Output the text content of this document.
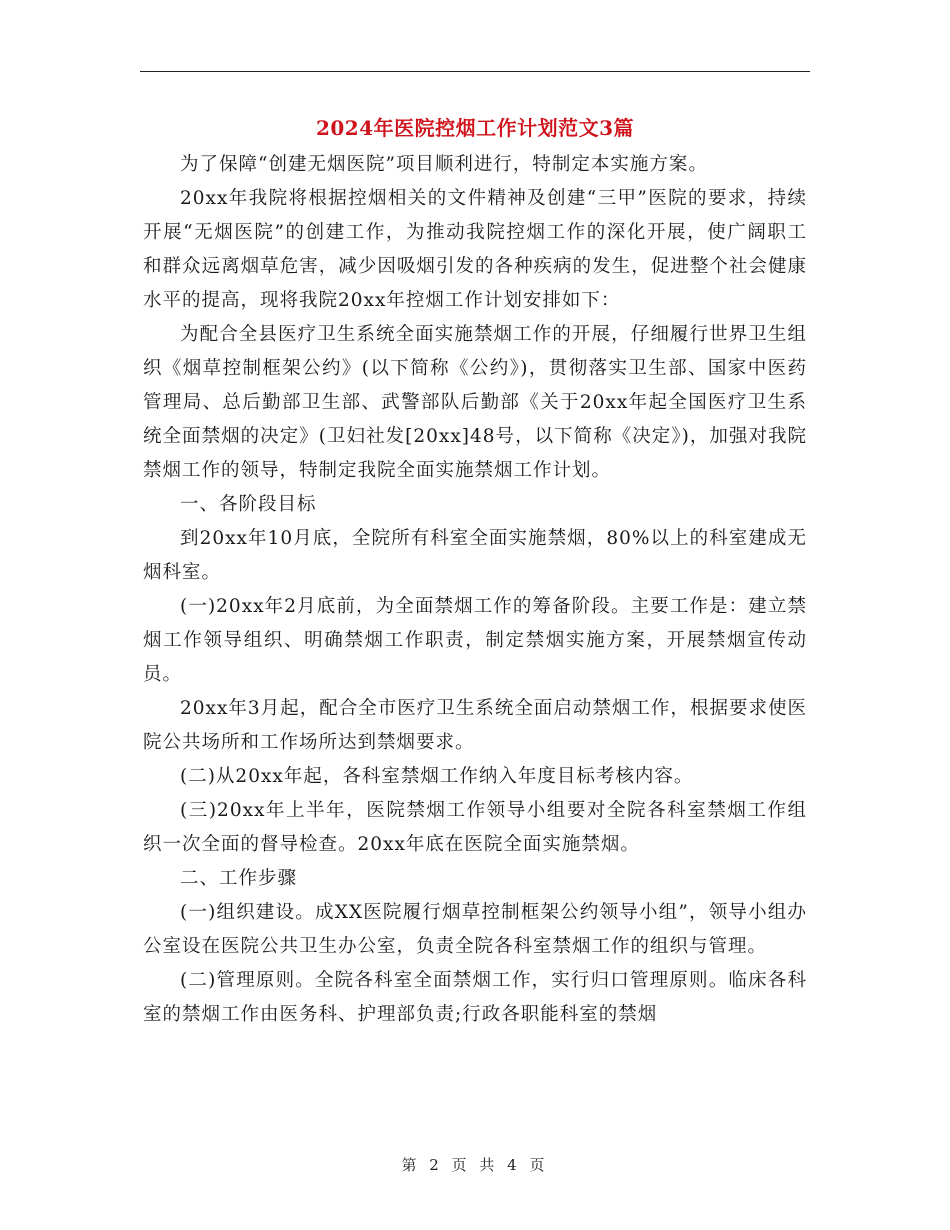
2024年医院控烟工作计划范文3篇

为了保障“创建无烟医院”项目顺利进行，特制定本实施方案。

20xx年我院将根据控烟相关的文件精神及创建“三甲”医院的要求，持续开展“无烟医院”的创建工作，为推动我院控烟工作的深化开展，使广阔职工和群众远离烟草危害，减少因吸烟引发的各种疾病的发生，促进整个社会健康水平的提高，现将我院20xx年控烟工作计划安排如下：

为配合全县医疗卫生系统全面实施禁烟工作的开展，仔细履行世界卫生组织《烟草控制框架公约》(以下简称《公约》)，贯彻落实卫生部、国家中医药管理局、总后勤部卫生部、武警部队后勤部《关于20xx年起全国医疗卫生系统全面禁烟的决定》(卫妇社发[20xx]48号，以下简称《决定》)，加强对我院禁烟工作的领导，特制定我院全面实施禁烟工作计划。

一、各阶段目标

到20xx年10月底，全院所有科室全面实施禁烟，80%以上的科室建成无烟科室。

(一)20xx年2月底前，为全面禁烟工作的筹备阶段。主要工作是：建立禁烟工作领导组织、明确禁烟工作职责，制定禁烟实施方案，开展禁烟宣传动员。

20xx年3月起，配合全市医疗卫生系统全面启动禁烟工作，根据要求使医院公共场所和工作场所达到禁烟要求。

(二)从20xx年起，各科室禁烟工作纳入年度目标考核内容。

(三)20xx年上半年，医院禁烟工作领导小组要对全院各科室禁烟工作组织一次全面的督导检查。20xx年底在医院全面实施禁烟。

二、工作步骤

(一)组织建设。成XX医院履行烟草控制框架公约领导小组”，领导小组办公室设在医院公共卫生办公室，负责全院各科室禁烟工作的组织与管理。

(二)管理原则。全院各科室全面禁烟工作，实行归口管理原则。临床各科室的禁烟工作由医务科、护理部负责;行政各职能科室的禁烟

第 2 页 共 4 页
